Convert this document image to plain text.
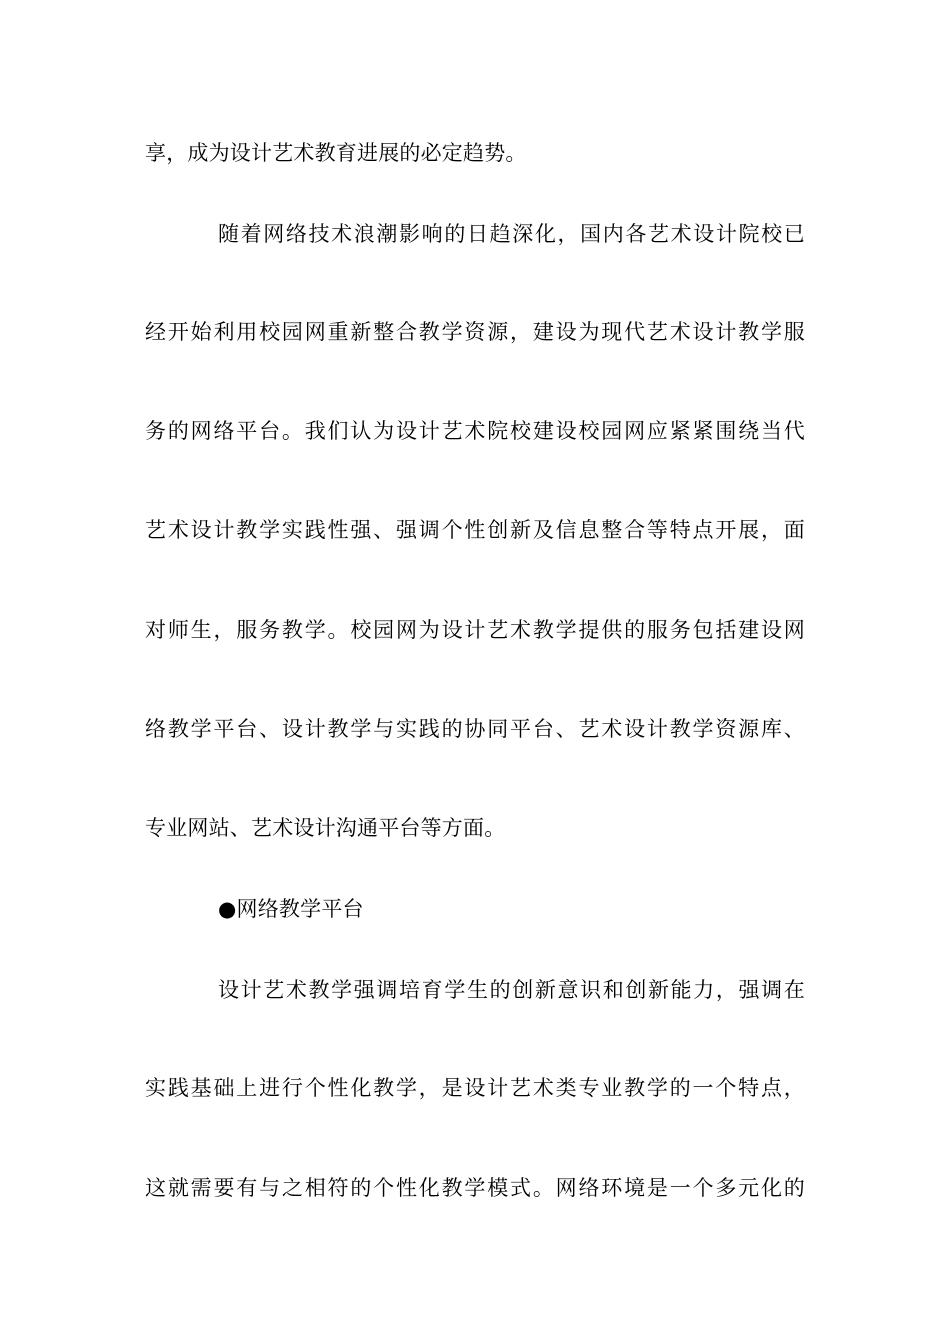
享，成为设计艺术教育进展的必定趋势。
随着网络技术浪潮影响的日趋深化，国内各艺术设计院校已
经开始利用校园网重新整合教学资源，建设为现代艺术设计教学服
务的网络平台。我们认为设计艺术院校建设校园网应紧紧围绕当代
艺术设计教学实践性强、强调个性创新及信息整合等特点开展，面
对师生，服务教学。校园网为设计艺术教学提供的服务包括建设网
络教学平台、设计教学与实践的协同平台、艺术设计教学资源库、
专业网站、艺术设计沟通平台等方面。
●网络教学平台
设计艺术教学强调培育学生的创新意识和创新能力，强调在
实践基础上进行个性化教学，是设计艺术类专业教学的一个特点，
这就需要有与之相符的个性化教学模式。网络环境是一个多元化的
